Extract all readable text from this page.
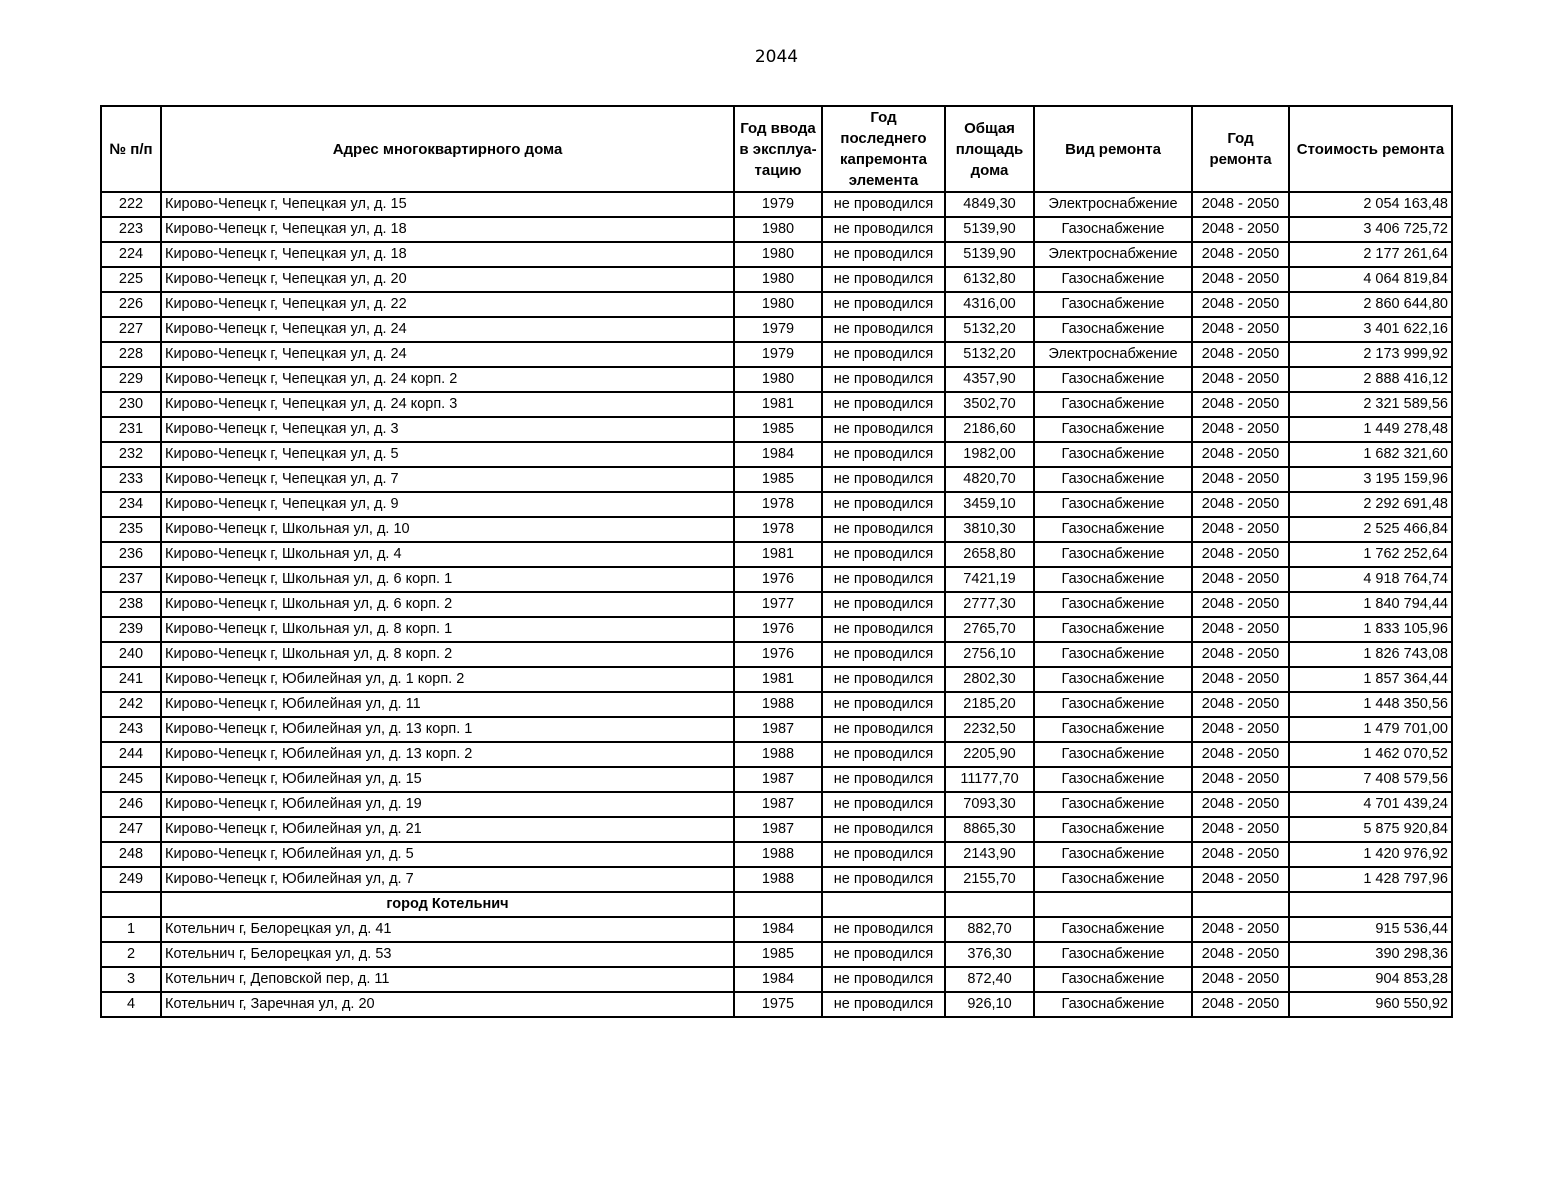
2044
№ п/п	Адрес многоквартирного дома	Год ввода в эксплуа-тацию	Год последнего капремонта элемента	Общая площадь дома	Вид ремонта	Год ремонта	Стоимость ремонта
222	Кирово-Чепецк г, Чепецкая ул, д. 15	1979	не проводился	4849,30	Электроснабжение	2048 - 2050	2 054 163,48
223	Кирово-Чепецк г, Чепецкая ул, д. 18	1980	не проводился	5139,90	Газоснабжение	2048 - 2050	3 406 725,72
224	Кирово-Чепецк г, Чепецкая ул, д. 18	1980	не проводился	5139,90	Электроснабжение	2048 - 2050	2 177 261,64
225	Кирово-Чепецк г, Чепецкая ул, д. 20	1980	не проводился	6132,80	Газоснабжение	2048 - 2050	4 064 819,84
226	Кирово-Чепецк г, Чепецкая ул, д. 22	1980	не проводился	4316,00	Газоснабжение	2048 - 2050	2 860 644,80
227	Кирово-Чепецк г, Чепецкая ул, д. 24	1979	не проводился	5132,20	Газоснабжение	2048 - 2050	3 401 622,16
228	Кирово-Чепецк г, Чепецкая ул, д. 24	1979	не проводился	5132,20	Электроснабжение	2048 - 2050	2 173 999,92
229	Кирово-Чепецк г, Чепецкая ул, д. 24 корп. 2	1980	не проводился	4357,90	Газоснабжение	2048 - 2050	2 888 416,12
230	Кирово-Чепецк г, Чепецкая ул, д. 24 корп. 3	1981	не проводился	3502,70	Газоснабжение	2048 - 2050	2 321 589,56
231	Кирово-Чепецк г, Чепецкая ул, д. 3	1985	не проводился	2186,60	Газоснабжение	2048 - 2050	1 449 278,48
232	Кирово-Чепецк г, Чепецкая ул, д. 5	1984	не проводился	1982,00	Газоснабжение	2048 - 2050	1 682 321,60
233	Кирово-Чепецк г, Чепецкая ул, д. 7	1985	не проводился	4820,70	Газоснабжение	2048 - 2050	3 195 159,96
234	Кирово-Чепецк г, Чепецкая ул, д. 9	1978	не проводился	3459,10	Газоснабжение	2048 - 2050	2 292 691,48
235	Кирово-Чепецк г, Школьная ул, д. 10	1978	не проводился	3810,30	Газоснабжение	2048 - 2050	2 525 466,84
236	Кирово-Чепецк г, Школьная ул, д. 4	1981	не проводился	2658,80	Газоснабжение	2048 - 2050	1 762 252,64
237	Кирово-Чепецк г, Школьная ул, д. 6 корп. 1	1976	не проводился	7421,19	Газоснабжение	2048 - 2050	4 918 764,74
238	Кирово-Чепецк г, Школьная ул, д. 6 корп. 2	1977	не проводился	2777,30	Газоснабжение	2048 - 2050	1 840 794,44
239	Кирово-Чепецк г, Школьная ул, д. 8 корп. 1	1976	не проводился	2765,70	Газоснабжение	2048 - 2050	1 833 105,96
240	Кирово-Чепецк г, Школьная ул, д. 8 корп. 2	1976	не проводился	2756,10	Газоснабжение	2048 - 2050	1 826 743,08
241	Кирово-Чепецк г, Юбилейная ул, д. 1 корп. 2	1981	не проводился	2802,30	Газоснабжение	2048 - 2050	1 857 364,44
242	Кирово-Чепецк г, Юбилейная ул, д. 11	1988	не проводился	2185,20	Газоснабжение	2048 - 2050	1 448 350,56
243	Кирово-Чепецк г, Юбилейная ул, д. 13 корп. 1	1987	не проводился	2232,50	Газоснабжение	2048 - 2050	1 479 701,00
244	Кирово-Чепецк г, Юбилейная ул, д. 13 корп. 2	1988	не проводился	2205,90	Газоснабжение	2048 - 2050	1 462 070,52
245	Кирово-Чепецк г, Юбилейная ул, д. 15	1987	не проводился	11177,70	Газоснабжение	2048 - 2050	7 408 579,56
246	Кирово-Чепецк г, Юбилейная ул, д. 19	1987	не проводился	7093,30	Газоснабжение	2048 - 2050	4 701 439,24
247	Кирово-Чепецк г, Юбилейная ул, д. 21	1987	не проводился	8865,30	Газоснабжение	2048 - 2050	5 875 920,84
248	Кирово-Чепецк г, Юбилейная ул, д. 5	1988	не проводился	2143,90	Газоснабжение	2048 - 2050	1 420 976,92
249	Кирово-Чепецк г, Юбилейная ул, д. 7	1988	не проводился	2155,70	Газоснабжение	2048 - 2050	1 428 797,96
	город Котельнич						
1	Котельнич г, Белорецкая ул, д. 41	1984	не проводился	882,70	Газоснабжение	2048 - 2050	915 536,44
2	Котельнич г, Белорецкая ул, д. 53	1985	не проводился	376,30	Газоснабжение	2048 - 2050	390 298,36
3	Котельнич г, Деповской пер, д. 11	1984	не проводился	872,40	Газоснабжение	2048 - 2050	904 853,28
4	Котельнич г, Заречная ул, д. 20	1975	не проводился	926,10	Газоснабжение	2048 - 2050	960 550,92
